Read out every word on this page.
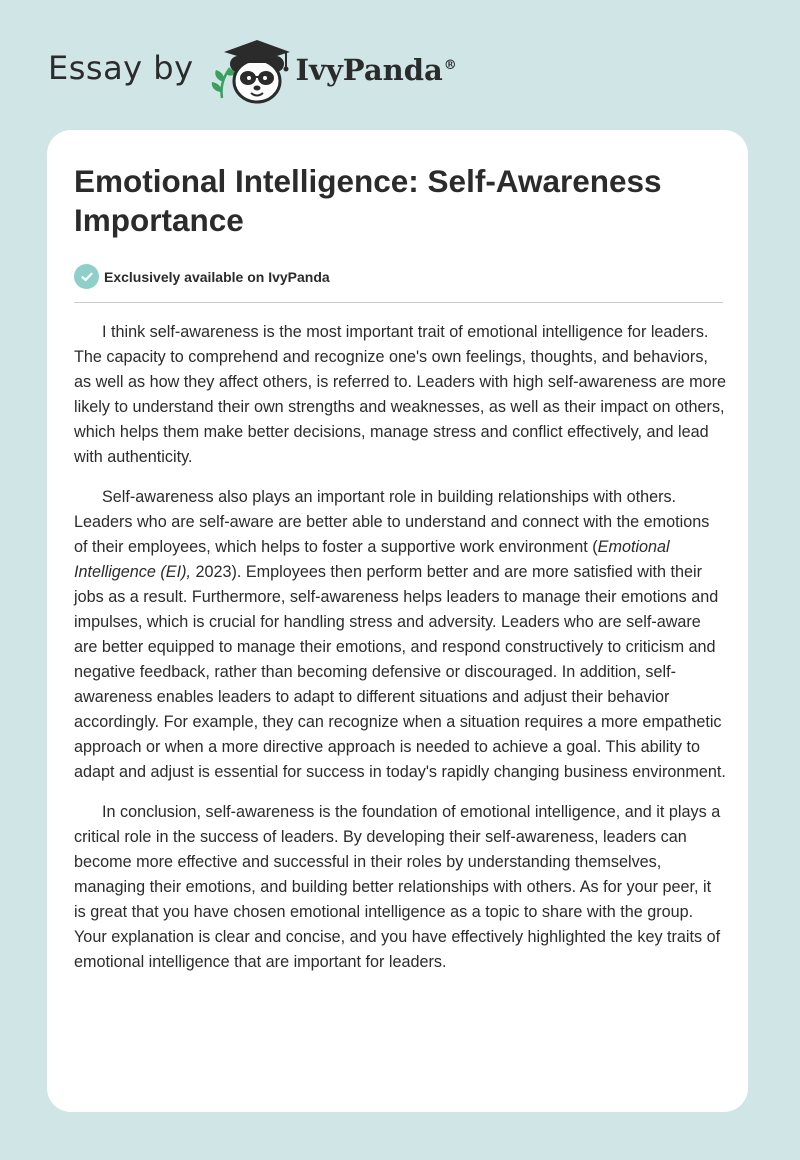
Essay by	IvyPanda®
Emotional Intelligence: Self-Awareness Importance
Exclusively available on IvyPanda

I think self-awareness is the most important trait of emotional intelligence for leaders. The capacity to comprehend and recognize one's own feelings, thoughts, and behaviors, as well as how they affect others, is referred to. Leaders with high self-awareness are more likely to understand their own strengths and weaknesses, as well as their impact on others, which helps them make better decisions, manage stress and conflict effectively, and lead with authenticity.

Self-awareness also plays an important role in building relationships with others. Leaders who are self-aware are better able to understand and connect with the emotions of their employees, which helps to foster a supportive work environment (Emotional Intelligence (EI), 2023). Employees then perform better and are more satisfied with their jobs as a result. Furthermore, self-awareness helps leaders to manage their emotions and impulses, which is crucial for handling stress and adversity. Leaders who are self-aware are better equipped to manage their emotions, and respond constructively to criticism and negative feedback, rather than becoming defensive or discouraged. In addition, self-awareness enables leaders to adapt to different situations and adjust their behavior accordingly. For example, they can recognize when a situation requires a more empathetic approach or when a more directive approach is needed to achieve a goal. This ability to adapt and adjust is essential for success in today's rapidly changing business environment.

In conclusion, self-awareness is the foundation of emotional intelligence, and it plays a critical role in the success of leaders. By developing their self-awareness, leaders can become more effective and successful in their roles by understanding themselves, managing their emotions, and building better relationships with others. As for your peer, it is great that you have chosen emotional intelligence as a topic to share with the group. Your explanation is clear and concise, and you have effectively highlighted the key traits of emotional intelligence that are important for leaders.
